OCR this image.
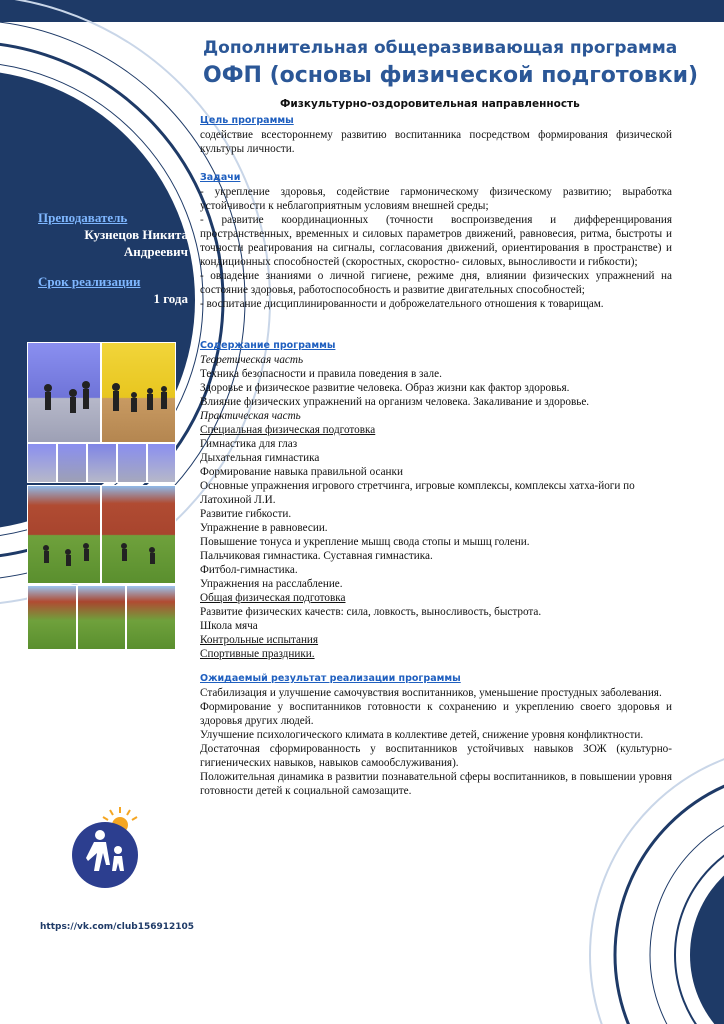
Дополнительная общеразвивающая программа
ОФП (основы физической подготовки)
Физкультурно-оздоровительная направленность
Преподаватель
Кузнецов Никита
Андреевич
Срок реализации
1 года
https://vk.com/club156912105
Цель программы

содействие всестороннему развитию воспитанника посредством формирования физической культуры личности.

Задачи

- укрепление здоровья, содействие гармоническому физическому развитию; выработка устойчивости к неблагоприятным условиям внешней среды;

- развитие координационных (точности воспроизведения и дифференцирования пространственных, временных и силовых параметров движений, равновесия, ритма, быстроты и точности реагирования на сигналы, согласования движений, ориентирования в пространстве) и кондиционных способностей (скоростных, скоростно- силовых, выносливости и гибкости);

- овладение знаниями о личной гигиене, режиме дня, влиянии физических упражнений на состояние здоровья, работоспособность и развитие двигательных способностей;

- воспитание дисциплинированности и доброжелательного отношения к товарищам.

Содержание программы

Теоретическая часть

Техника безопасности и правила поведения в зале.

Здоровье и физическое развитие человека. Образ жизни как фактор здоровья.

Влияние физических упражнений на организм человека. Закаливание и здоровье.

Практическая часть

Специальная физическая подготовка

Гимнастика для глаз

Дыхательная гимнастика

Формирование навыка правильной осанки

Основные упражнения игрового стретчинга, игровые комплексы, комплексы хатха-йоги по Латохиной Л.И.

Развитие гибкости.

Упражнение в равновесии.

Повышение тонуса и укрепление мышц свода стопы и мышц голени.

Пальчиковая гимнастика. Суставная гимнастика.

Фитбол-гимнастика.

Упражнения на расслабление.

Общая физическая подготовка

Развитие физических качеств: сила, ловкость, выносливость, быстрота.

Школа мяча

Контрольные испытания

Спортивные праздники.

Ожидаемый результат реализации программы

Стабилизация и улучшение самочувствия воспитанников, уменьшение простудных заболевания.

Формирование у воспитанников готовности к сохранению и укреплению своего здоровья и здоровья других людей.

Улучшение психологического климата в коллективе детей, снижение уровня конфликтности.

Достаточная сформированность у воспитанников устойчивых навыков ЗОЖ (культурно-гигиенических навыков, навыков самообслуживания).

Положительная динамика в развитии познавательной сферы воспитанников, в повышении уровня готовности детей к социальной самозащите.
